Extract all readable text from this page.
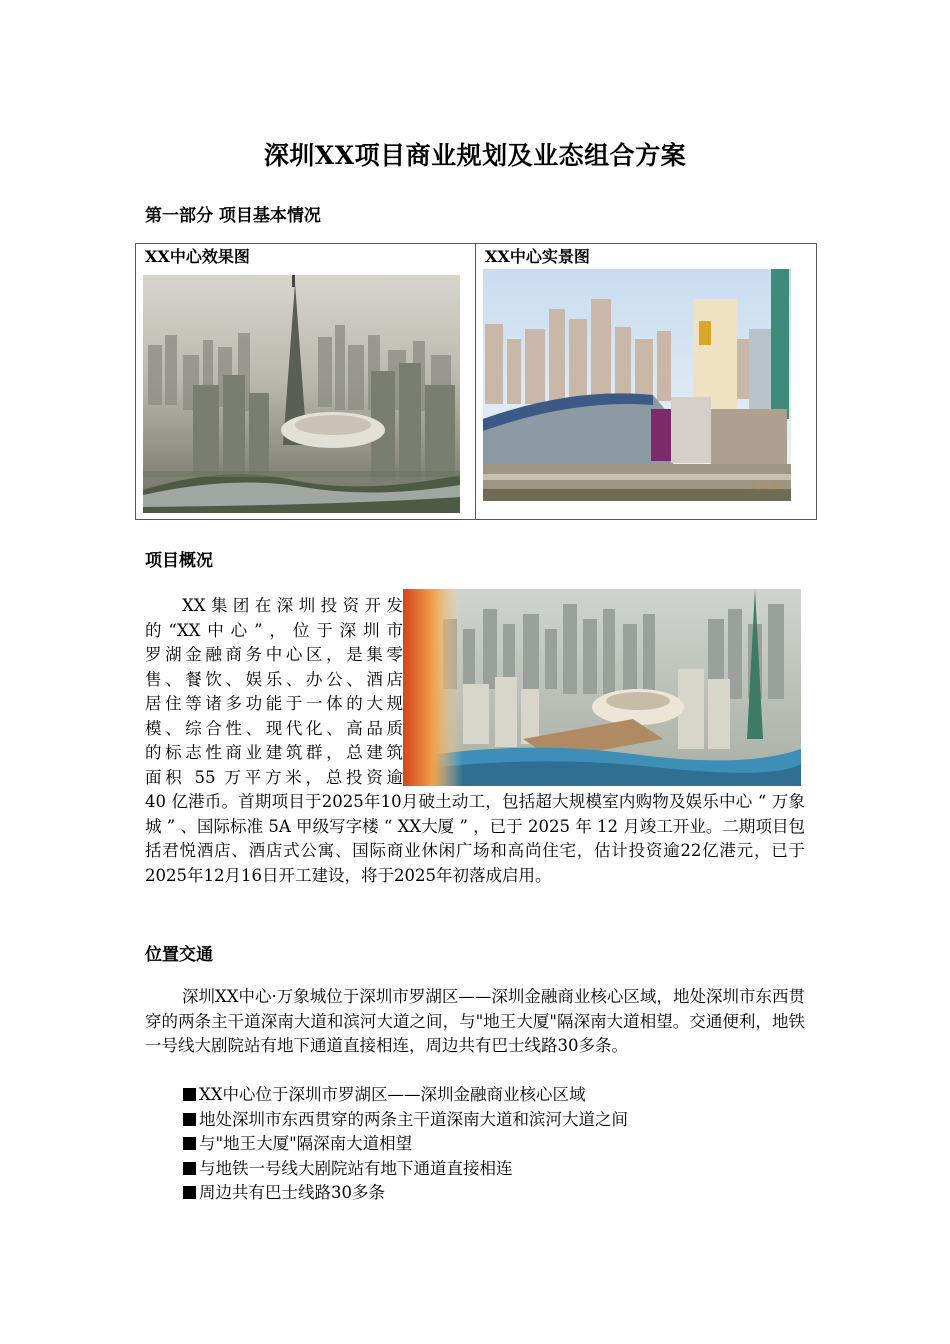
深圳XX项目商业规划及业态组合方案
第一部分 项目基本情况
XX中心效果图	XX中心实景图
大众点评
项目概况
XX集团在深圳投资开发
的“XX中心”，位于深圳市
罗湖金融商务中心区，是集零
售、餐饮、娱乐、办公、酒店
居住等诸多功能于一体的大规
模、综合性、现代化、高品质
的标志性商业建筑群，总建筑
面积 55 万平方米，总投资逾

40 亿港币。首期项目于2025年10月破土动工，包括超大规模室内购物及娱乐中心 “ 万象城 ” 、国际标准 5A 甲级写字楼 “ XX大厦 ” ，已于 2025 年 12 月竣工开业。二期项目包括君悦酒店、酒店式公寓、国际商业休闲广场和高尚住宅，估计投资逾22亿港元，已于2025年12月16日开工建设，将于2025年初落成启用。

位置交通

深圳XX中心·万象城位于深圳市罗湖区——深圳金融商业核心区域，地处深圳市东西贯穿的两条主干道深南大道和滨河大道之间，与"地王大厦"隔深南大道相望。交通便利，地铁一号线大剧院站有地下通道直接相连，周边共有巴士线路30多条。

XX中心位于深圳市罗湖区——深圳金融商业核心区域
地处深圳市东西贯穿的两条主干道深南大道和滨河大道之间
与"地王大厦"隔深南大道相望
与地铁一号线大剧院站有地下通道直接相连
周边共有巴士线路30多条
